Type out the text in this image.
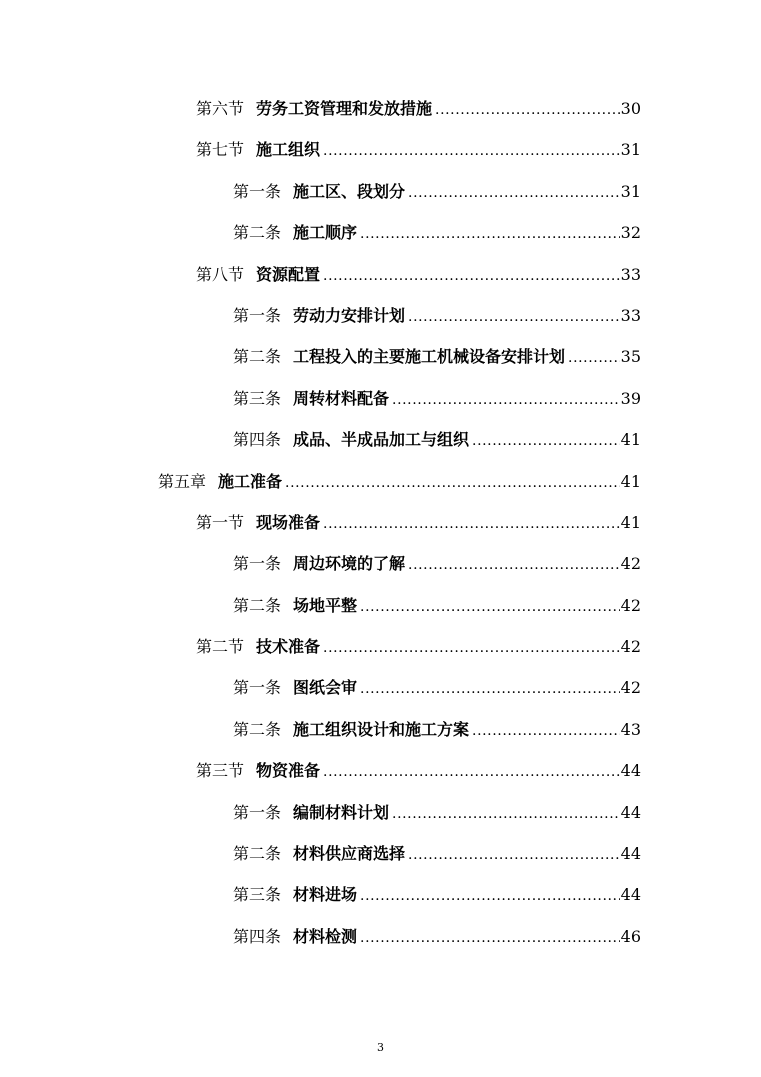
第六节 劳务工资管理和发放措施 .....	30
第七节 施工组织 .....	31
第一条 施工区、段划分 .....	31
第二条 施工顺序 .....	32
第八节 资源配置 .....	33
第一条 劳动力安排计划 .....	33
第二条 工程投入的主要施工机械设备安排计划 .....	35
第三条 周转材料配备 .....	39
第四条 成品、半成品加工与组织 .....	41
第五章 施工准备 .....	41
第一节 现场准备 .....	41
第一条 周边环境的了解 .....	42
第二条 场地平整 .....	42
第二节 技术准备 .....	42
第一条 图纸会审 .....	42
第二条 施工组织设计和施工方案 .....	43
第三节 物资准备 .....	44
第一条 编制材料计划 .....	44
第二条 材料供应商选择 .....	44
第三条 材料进场 .....	44
第四条 材料检测 .....	46
3
